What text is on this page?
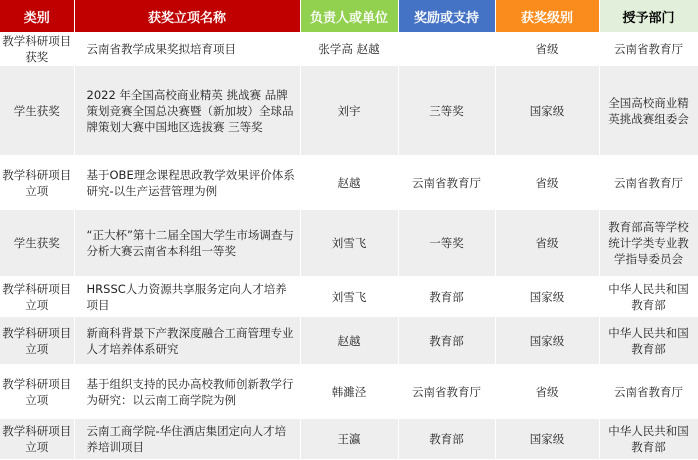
类别	获奖立项名称	负责人或单位	奖励或支持	获奖级别	授予部门
教学科研项目获奖	云南省教学成果奖拟培育项目	张学高 赵越		省级	云南省教育厅
学生获奖	2022 年全国高校商业精英 挑战赛 品牌策划竞赛全国总决赛暨（新加坡）全球品牌策划大赛中国地区选拔赛 三等奖	刘宇	三等奖	国家级	全国高校商业精英挑战赛组委会
教学科研项目立项	基于OBE理念课程思政教学效果评价体系研究-以生产运营管理为例	赵越	云南省教育厅	省级	云南省教育厅
学生获奖	“正大杯”第十二届全国大学生市场调查与分析大赛云南省本科组一等奖	刘雪飞	一等奖	省级	教育部高等学校统计学类专业教学指导委员会
教学科研项目立项	HRSSC人力资源共享服务定向人才培养项目	刘雪飞	教育部	国家级	中华人民共和国教育部
教学科研项目立项	新商科背景下产教深度融合工商管理专业人才培养体系研究	赵越	教育部	国家级	中华人民共和国教育部
教学科研项目立项	基于组织支持的民办高校教师创新教学行为研究：以云南工商学院为例	韩濉泾	云南省教育厅	省级	云南省教育厅
教学科研项目立项	云南工商学院-华住酒店集团定向人才培养培训项目	王瀛	教育部	国家级	中华人民共和国教育部
